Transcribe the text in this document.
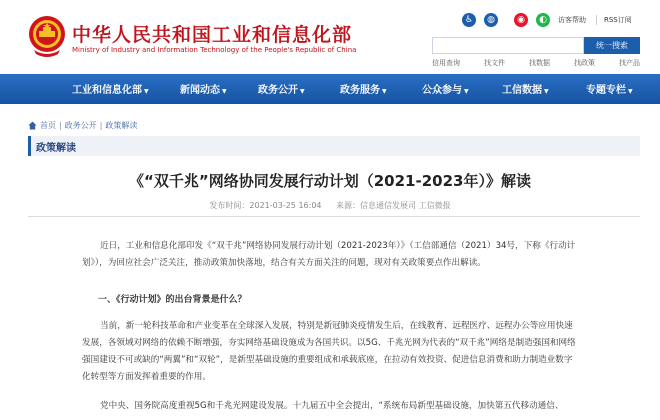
中华人民共和国工业和信息化部
Ministry of Industry and Information Technology of the People's Republic of China
♿	◍	◉	◐	访客帮助	RSS订阅
统一搜索
信用查询	找文件	找数据	找政策	找产品
工业和信息化部 ▼	新闻动态 ▼	政务公开 ▼	政务服务 ▼	公众参与 ▼	工信数据 ▼	专题专栏 ▼
首页 | 政务公开 | 政策解读
政策解读
《“双千兆”网络协同发展行动计划（2021-2023年）》解读
发布时间：2021-03-25 16:04 来源：信息通信发展司 工信微报
近日，工业和信息化部印发《“双千兆”网络协同发展行动计划（2021-2023年）》（工信部通信（2021）34号，下称《行动计划》），为回应社会广泛关注，推动政策加快落地，结合有关方面关注的问题，现对有关政策要点作出解读。
一、《行动计划》的出台背景是什么？
当前，新一轮科技革命和产业变革在全球深入发展，特别是新冠肺炎疫情发生后，在线教育、远程医疗、远程办公等应用快速发展，各领域对网络的依赖不断增强，夯实网络基础设施成为各国共识。以5G、千兆光网为代表的“双千兆”网络是制造强国和网络强国建设不可或缺的“两翼”和“双轮”，是新型基础设施的重要组成和承载底座，在拉动有效投资、促进信息消费和助力制造业数字化转型等方面发挥着重要的作用。
党中央、国务院高度重视5G和千兆光网建设发展。十九届五中全会提出，“系统布局新型基础设施，加快第五代移动通信、
